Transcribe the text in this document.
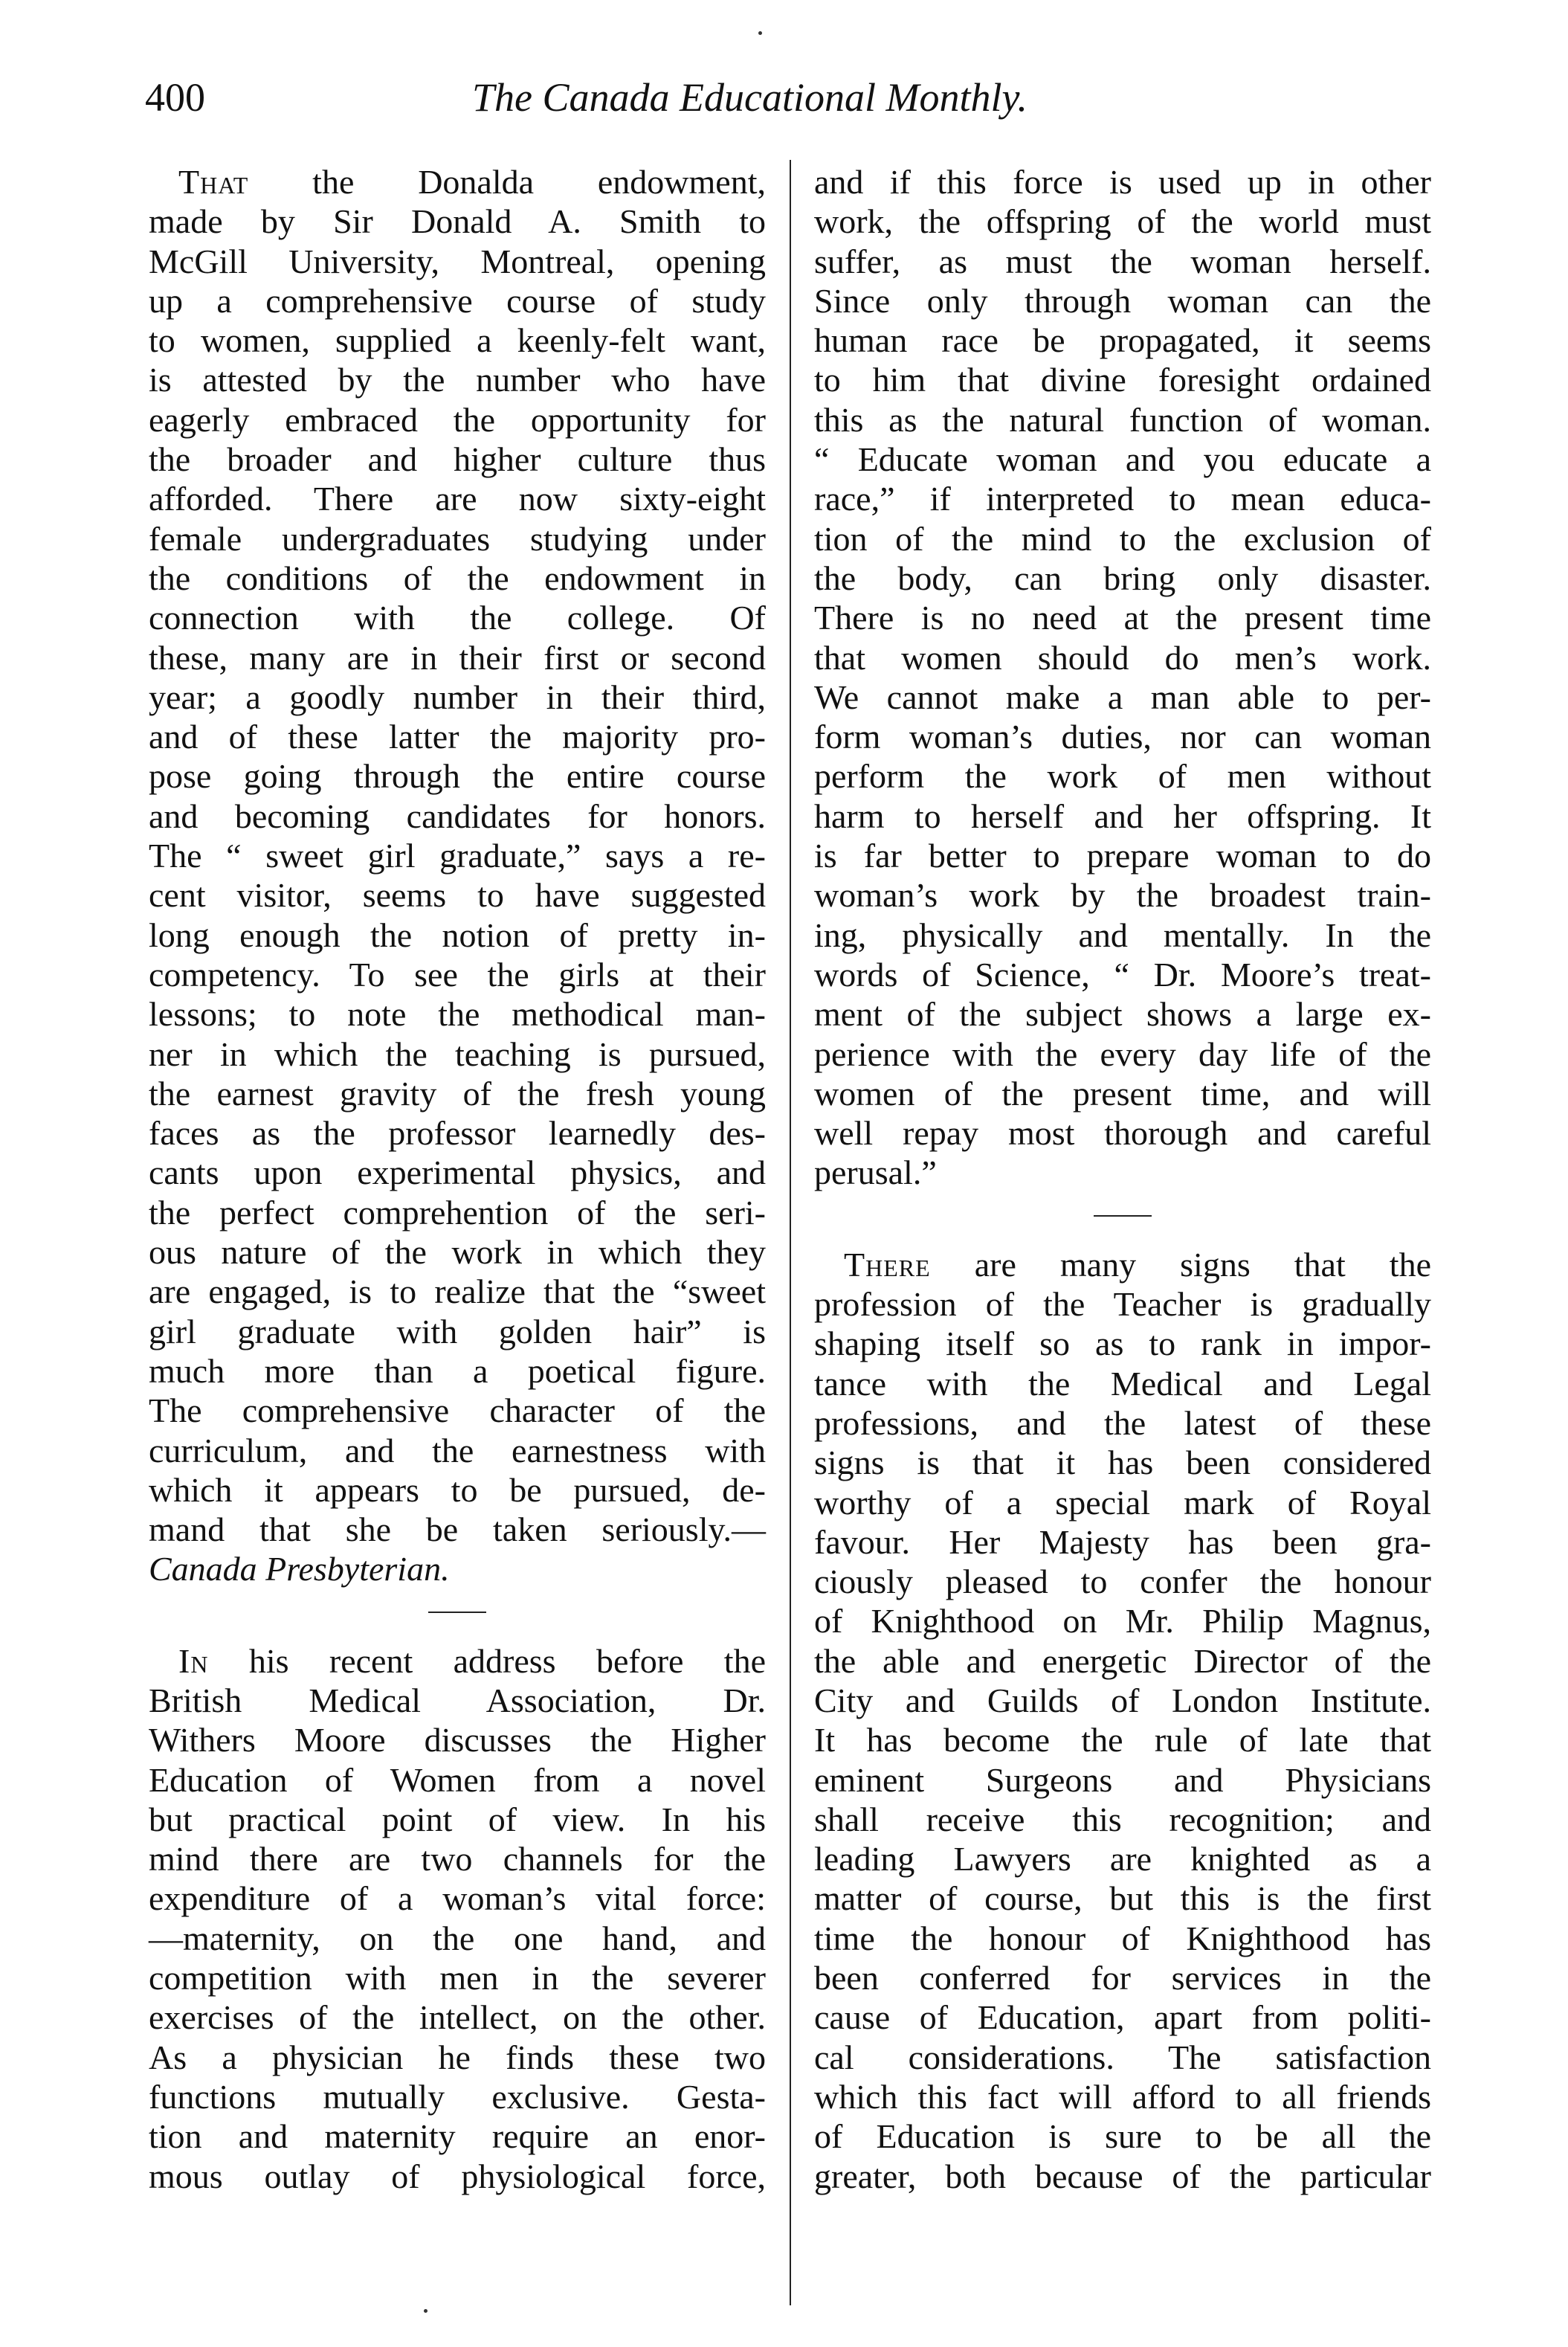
400	The Canada Educational Monthly.
That the Donalda endowment,
made by Sir Donald A. Smith to
McGill University, Montreal, opening
up a comprehensive course of study
to women, supplied a keenly-felt want,
is attested by the number who have
eagerly embraced the opportunity for
the broader and higher culture thus
afforded. There are now sixty-eight
female undergraduates studying under
the conditions of the endowment in
connection with the college. Of
these, many are in their first or second
year; a goodly number in their third,
and of these latter the majority pro-
pose going through the entire course
and becoming candidates for honors.
The “ sweet girl graduate,” says a re-
cent visitor, seems to have suggested
long enough the notion of pretty in-
competency. To see the girls at their
lessons; to note the methodical man-
ner in which the teaching is pursued,
the earnest gravity of the fresh young
faces as the professor learnedly des-
cants upon experimental physics, and
the perfect comprehention of the seri-
ous nature of the work in which they
are engaged, is to realize that the “sweet
girl graduate with golden hair” is
much more than a poetical figure.
The comprehensive character of the
curriculum, and the earnestness with
which it appears to be pursued, de-
mand that she be taken seriously.—
Canada Presbyterian.
In his recent address before the
British Medical Association, Dr.
Withers Moore discusses the Higher
Education of Women from a novel
but practical point of view. In his
mind there are two channels for the
expenditure of a woman’s vital force:
—maternity, on the one hand, and
competition with men in the severer
exercises of the intellect, on the other.
As a physician he finds these two
functions mutually exclusive. Gesta-
tion and maternity require an enor-
mous outlay of physiological force,
and if this force is used up in other
work, the offspring of the world must
suffer, as must the woman herself.
Since only through woman can the
human race be propagated, it seems
to him that divine foresight ordained
this as the natural function of woman.
“ Educate woman and you educate a
race,” if interpreted to mean educa-
tion of the mind to the exclusion of
the body, can bring only disaster.
There is no need at the present time
that women should do men’s work.
We cannot make a man able to per-
form woman’s duties, nor can woman
perform the work of men without
harm to herself and her offspring. It
is far better to prepare woman to do
woman’s work by the broadest train-
ing, physically and mentally. In the
words of Science, “ Dr. Moore’s treat-
ment of the subject shows a large ex-
perience with the every day life of the
women of the present time, and will
well repay most thorough and careful
perusal.”
There are many signs that the
profession of the Teacher is gradually
shaping itself so as to rank in impor-
tance with the Medical and Legal
professions, and the latest of these
signs is that it has been considered
worthy of a special mark of Royal
favour. Her Majesty has been gra-
ciously pleased to confer the honour
of Knighthood on Mr. Philip Magnus,
the able and energetic Director of the
City and Guilds of London Institute.
It has become the rule of late that
eminent Surgeons and Physicians
shall receive this recognition; and
leading Lawyers are knighted as a
matter of course, but this is the first
time the honour of Knighthood has
been conferred for services in the
cause of Education, apart from politi-
cal considerations. The satisfaction
which this fact will afford to all friends
of Education is sure to be all the
greater, both because of the particular
